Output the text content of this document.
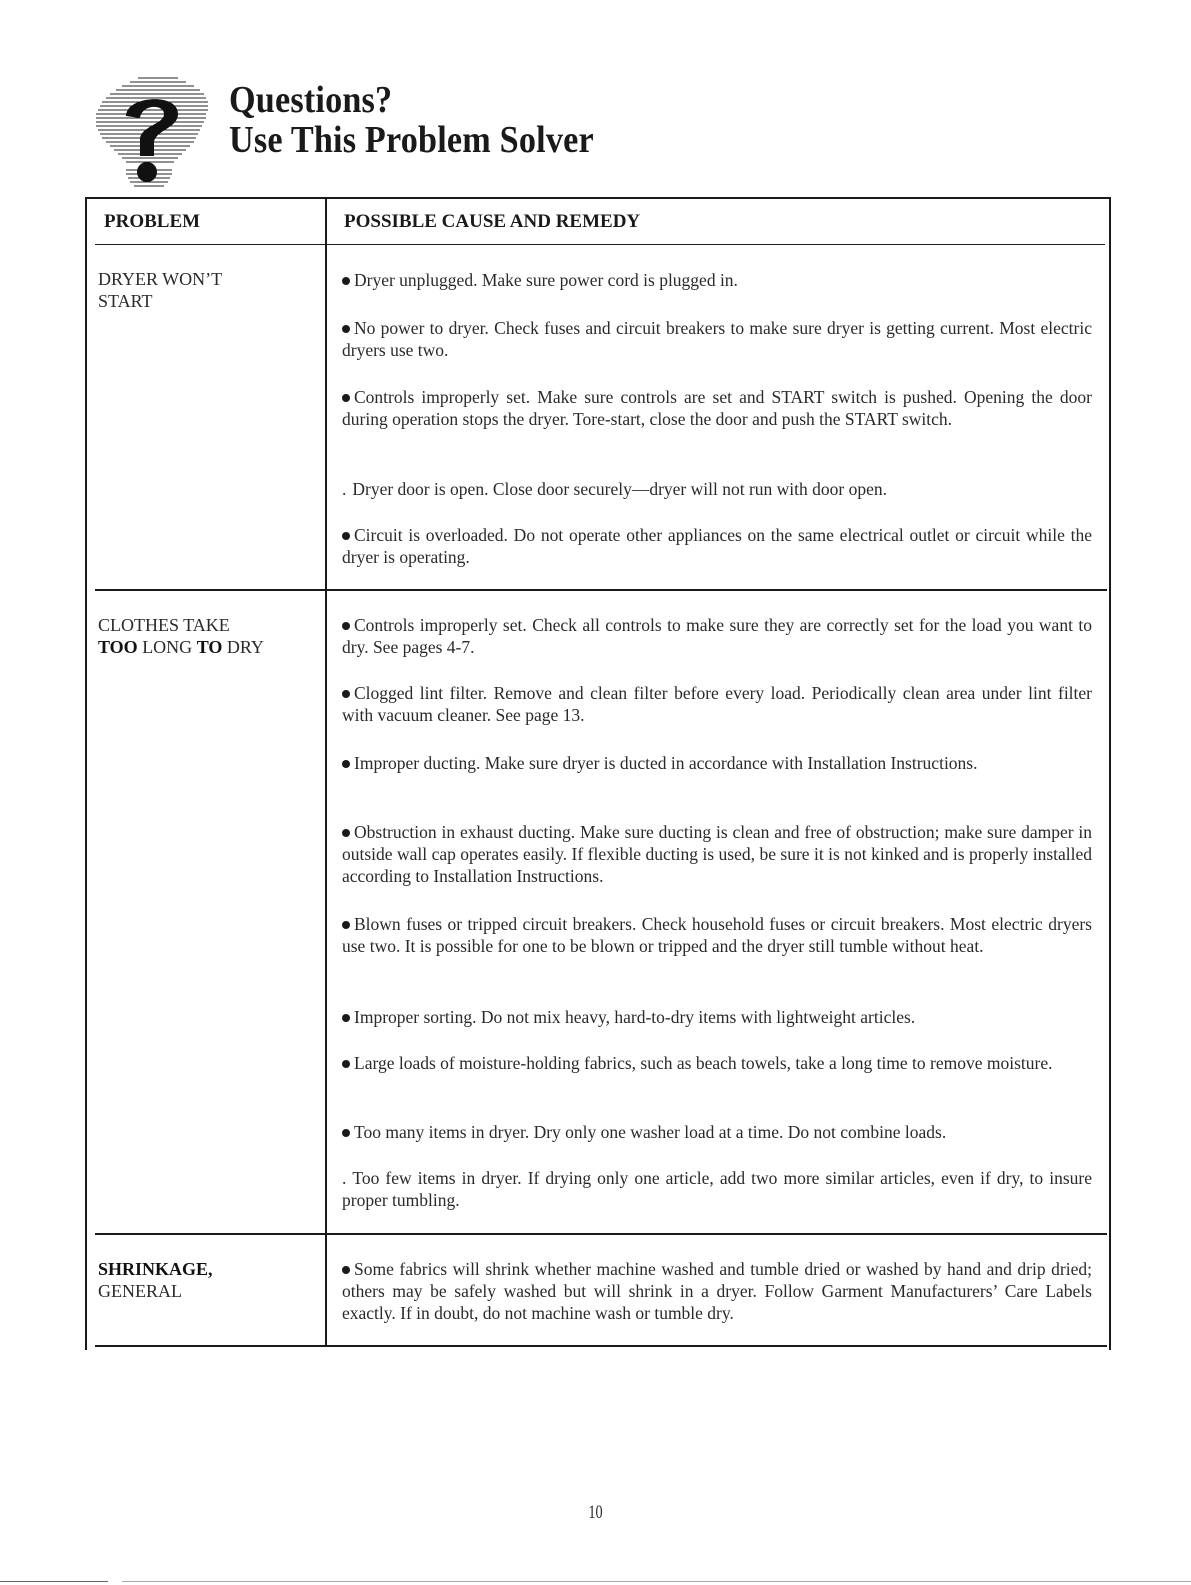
Questions?
Use This Problem Solver
PROBLEM	POSSIBLE CAUSE AND REMEDY
DRYER WON’T
START
Dryer unplugged. Make sure power cord is plugged in.
No power to dryer. Check fuses and circuit breakers to make sure dryer is getting current. Most electric dryers use two.
Controls improperly set. Make sure controls are set and START switch is pushed. Opening the door during operation stops the dryer. Tore-start, close the door and push the START switch.
. Dryer door is open. Close door securely—dryer will not run with door open.
Circuit is overloaded. Do not operate other appliances on the same electrical outlet or circuit while the dryer is operating.
CLOTHES TAKE
TOO LONG TO DRY
Controls improperly set. Check all controls to make sure they are correctly set for the load you want to dry. See pages 4-7.
Clogged lint filter. Remove and clean filter before every load. Periodically clean area under lint filter with vacuum cleaner. See page 13.
Improper ducting. Make sure dryer is ducted in accordance with Installation Instructions.
Obstruction in exhaust ducting. Make sure ducting is clean and free of obstruction; make sure damper in outside wall cap operates easily. If flexible ducting is used, be sure it is not kinked and is properly installed according to Installation Instructions.
Blown fuses or tripped circuit breakers. Check household fuses or circuit breakers. Most electric dryers use two. It is possible for one to be blown or tripped and the dryer still tumble without heat.
Improper sorting. Do not mix heavy, hard-to-dry items with lightweight articles.
Large loads of moisture-holding fabrics, such as beach towels, take a long time to remove moisture.
Too many items in dryer. Dry only one washer load at a time. Do not combine loads.
. Too few items in dryer. If drying only one article, add two more similar articles, even if dry, to insure proper tumbling.
SHRINKAGE,
GENERAL
Some fabrics will shrink whether machine washed and tumble dried or washed by hand and drip dried; others may be safely washed but will shrink in a dryer. Follow Garment Manufacturers’ Care Labels exactly. If in doubt, do not machine wash or tumble dry.
10
